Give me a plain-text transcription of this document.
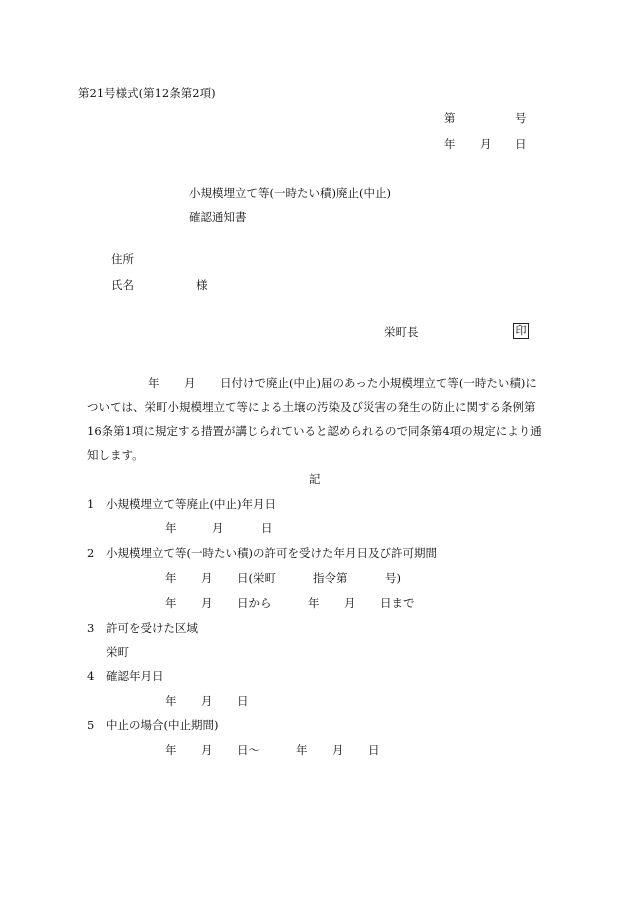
第21号様式(第12条第2項)
第	号
年 月 日
小規模埋立て等(一時たい積)廃止(中止)
確認通知書
住所
氏名	様
栄町長	印
年 月 日付けで廃止(中止)届のあった小規模埋立て等(一時たい積)に
ついては、栄町小規模埋立て等による土壌の汚染及び災害の発生の防止に関する条例第
16条第1項に規定する措置が講じられていると認められるので同条第4項の規定により通
知します。
記
1 小規模埋立て等廃止(中止)年月日
年	月	日
2 小規模埋立て等(一時たい積)の許可を受けた年月日及び許可期間
年 月 日(栄町	指令第	号)
年 月 日から	年 月 日まで
3 許可を受けた区域
栄町
4 確認年月日
年 月 日
5 中止の場合(中止期間)
年 月 日～	年 月 日
